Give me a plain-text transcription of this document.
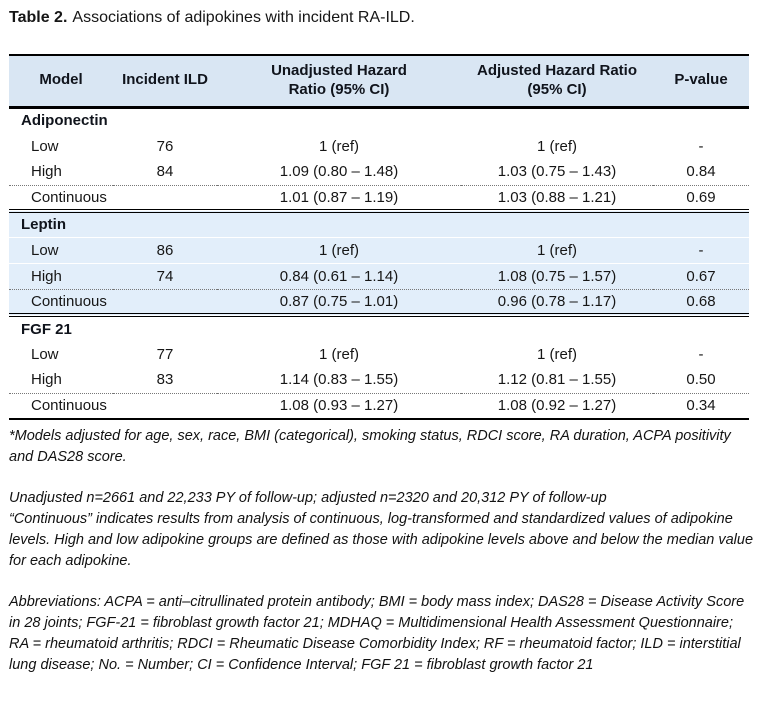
Table 2. Associations of adipokines with incident RA-ILD.
Model	Incident ILD	Unadjusted Hazard Ratio (95% CI)	Adjusted Hazard Ratio (95% CI)	P-value
Adiponectin				
Low	76	1 (ref)	1 (ref)	-
High	84	1.09 (0.80 – 1.48)	1.03 (0.75 – 1.43)	0.84
Continuous		1.01 (0.87 – 1.19)	1.03 (0.88 – 1.21)	0.69
Leptin				
Low	86	1 (ref)	1 (ref)	-
High	74	0.84 (0.61 – 1.14)	1.08 (0.75 – 1.57)	0.67
Continuous		0.87 (0.75 – 1.01)	0.96 (0.78 – 1.17)	0.68
FGF 21				
Low	77	1 (ref)	1 (ref)	-
High	83	1.14 (0.83 – 1.55)	1.12 (0.81 – 1.55)	0.50
Continuous		1.08 (0.93 – 1.27)	1.08 (0.92 – 1.27)	0.34
*Models adjusted for age, sex, race, BMI (categorical), smoking status, RDCI score, RA duration, ACPA positivity and DAS28 score.
Unadjusted n=2661 and 22,233 PY of follow-up; adjusted n=2320 and 20,312 PY of follow-up
“Continuous” indicates results from analysis of continuous, log-transformed and standardized values of adipokine levels. High and low adipokine groups are defined as those with adipokine levels above and below the median value for each adipokine.
Abbreviations: ACPA = anti–citrullinated protein antibody; BMI = body mass index; DAS28 = Disease Activity Score in 28 joints; FGF-21 = fibroblast growth factor 21; MDHAQ = Multidimensional Health Assessment Questionnaire; RA = rheumatoid arthritis; RDCI = Rheumatic Disease Comorbidity Index; RF = rheumatoid factor; ILD = interstitial lung disease; No. = Number; CI = Confidence Interval; FGF 21 = fibroblast growth factor 21
